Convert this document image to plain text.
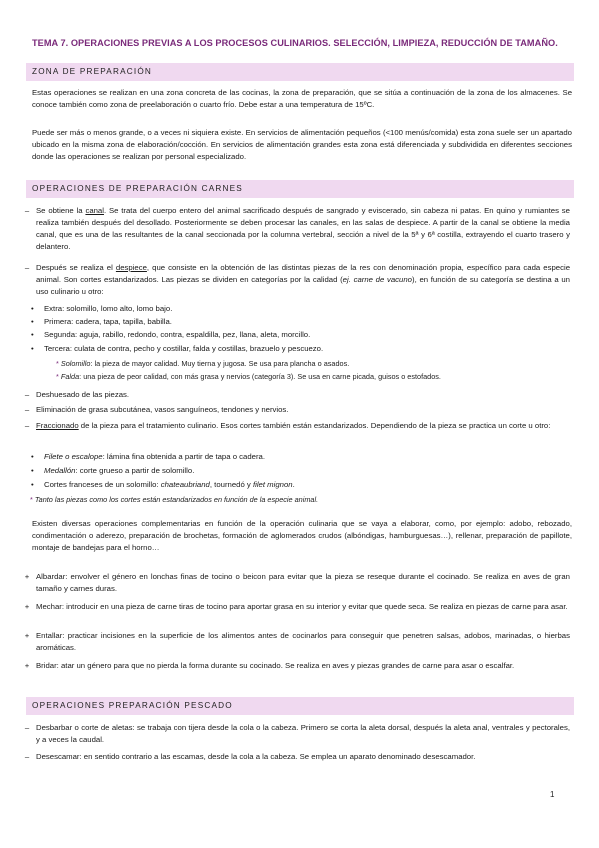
TEMA 7. OPERACIONES PREVIAS A LOS PROCESOS CULINARIOS. SELECCIÓN, LIMPIEZA, REDUCCIÓN DE TAMAÑO.
ZONA DE PREPARACIÓN
Estas operaciones se realizan en una zona concreta de las cocinas, la zona de preparación, que se sitúa a continuación de la zona de los almacenes. Se conoce también como zona de preelaboración o cuarto frío. Debe estar a una temperatura de 15ºC.
Puede ser más o menos grande, o a veces ni siquiera existe. En servicios de alimentación pequeños (<100 menús/comida) esta zona suele ser un apartado ubicado en la misma zona de elaboración/cocción. En servicios de alimentación grandes esta zona está diferenciada y subdividida en diferentes secciones donde las operaciones se realizan por personal especializado.
OPERACIONES DE PREPARACIÓN CARNES
– Se obtiene la canal. Se trata del cuerpo entero del animal sacrificado después de sangrado y eviscerado, sin cabeza ni patas. En quino y rumiantes se realiza también después del desollado. Posteriormente se deben procesar las canales, en las salas de despiece. A partir de la canal se obtiene la media canal, que es una de las resultantes de la canal seccionada por la columna vertebral, sección a nivel de la 5ª y 6ª costilla, extrayendo el cuarto trasero y delantero.
– Después se realiza el despiece, que consiste en la obtención de las distintas piezas de la res con denominación propia, específico para cada especie animal. Son cortes estandarizados. Las piezas se dividen en categorías por la calidad (ej. carne de vacuno), en función de su categoría se destina a un uso culinario u otro:
• Extra: solomillo, lomo alto, lomo bajo.
• Primera: cadera, tapa, tapilla, babilla.
• Segunda: aguja, rabillo, redondo, contra, espaldilla, pez, llana, aleta, morcillo.
• Tercera: culata de contra, pecho y costillar, falda y costillas, brazuelo y pescuezo.
* Solomillo: la pieza de mayor calidad. Muy tierna y jugosa. Se usa para plancha o asados.
* Falda: una pieza de peor calidad, con más grasa y nervios (categoría 3). Se usa en carne picada, guisos o estofados.
– Deshuesado de las piezas.
– Eliminación de grasa subcutánea, vasos sanguíneos, tendones y nervios.
– Fraccionado de la pieza para el tratamiento culinario. Esos cortes también están estandarizados. Dependiendo de la pieza se practica un corte u otro:
• Filete o escalope: lámina fina obtenida a partir de tapa o cadera.
• Medallón: corte grueso a partir de solomillo.
• Cortes franceses de un solomillo: chateaubriand, tournedó y filet mignon.
* Tanto las piezas como los cortes están estandarizados en función de la especie animal.
Existen diversas operaciones complementarias en función de la operación culinaria que se vaya a elaborar, como, por ejemplo: adobo, rebozado, condimentación o aderezo, preparación de brochetas, formación de aglomerados crudos (albóndigas, hamburguesas…), rellenar, preparación de papillote, montaje de bandejas para el horno…
+ Albardar: envolver el género en lonchas finas de tocino o beicon para evitar que la pieza se reseque durante el cocinado. Se realiza en aves de gran tamaño y carnes duras.
+ Mechar: introducir en una pieza de carne tiras de tocino para aportar grasa en su interior y evitar que quede seca. Se realiza en piezas de carne para asar.
+ Entallar: practicar incisiones en la superficie de los alimentos antes de cocinarlos para conseguir que penetren salsas, adobos, marinadas, o hierbas aromáticas.
+ Bridar: atar un género para que no pierda la forma durante su cocinado. Se realiza en aves y piezas grandes de carne para asar o escalfar.
OPERACIONES PREPARACIÓN PESCADO
– Desbarbar o corte de aletas: se trabaja con tijera desde la cola o la cabeza. Primero se corta la aleta dorsal, después la aleta anal, ventrales y pectorales, y a veces la caudal.
– Desescamar: en sentido contrario a las escamas, desde la cola a la cabeza. Se emplea un aparato denominado desescamador.
1
